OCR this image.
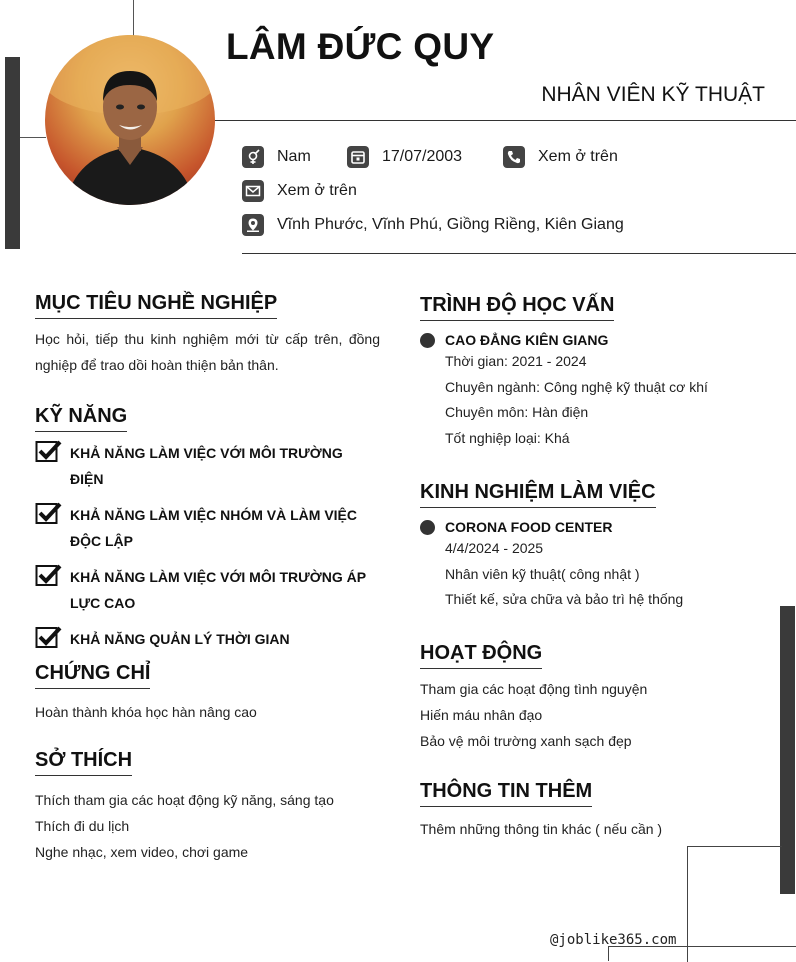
LÂM ĐỨC QUY
NHÂN VIÊN KỸ THUẬT
Nam	17/07/2003	Xem ở trên
Xem ở trên
Vĩnh Phước, Vĩnh Phú, Giồng Riềng, Kiên Giang
MỤC TIÊU NGHỀ NGHIỆP
Học hỏi, tiếp thu kinh nghiệm mới từ cấp trên, đồng nghiệp để trao dồi hoàn thiện bản thân.
KỸ NĂNG
KHẢ NĂNG LÀM VIỆC VỚI MÔI TRƯỜNG ĐIỆN
KHẢ NĂNG LÀM VIỆC NHÓM VÀ LÀM VIỆC ĐỘC LẬP
KHẢ NĂNG LÀM VIỆC VỚI MÔI TRƯỜNG ÁP LỰC CAO
KHẢ NĂNG QUẢN LÝ THỜI GIAN
CHỨNG CHỈ
Hoàn thành khóa học hàn nâng cao
SỞ THÍCH
Thích tham gia các hoạt động kỹ năng, sáng tạo
Thích đi du lịch
Nghe nhạc, xem video, chơi game
TRÌNH ĐỘ HỌC VẤN
CAO ĐẲNG KIÊN GIANG
Thời gian: 2021 - 2024
Chuyên ngành: Công nghệ kỹ thuật cơ khí
Chuyên môn: Hàn điện
Tốt nghiệp loại: Khá
KINH NGHIỆM LÀM VIỆC
CORONA FOOD CENTER
4/4/2024 - 2025
Nhân viên kỹ thuật( công nhật )
Thiết kế, sửa chữa và bảo trì hệ thống
HOẠT ĐỘNG
Tham gia các hoạt động tình nguyện
Hiến máu nhân đạo
Bảo vệ môi trường xanh sạch đẹp
THÔNG TIN THÊM
Thêm những thông tin khác ( nếu cần )
@joblike365.com
